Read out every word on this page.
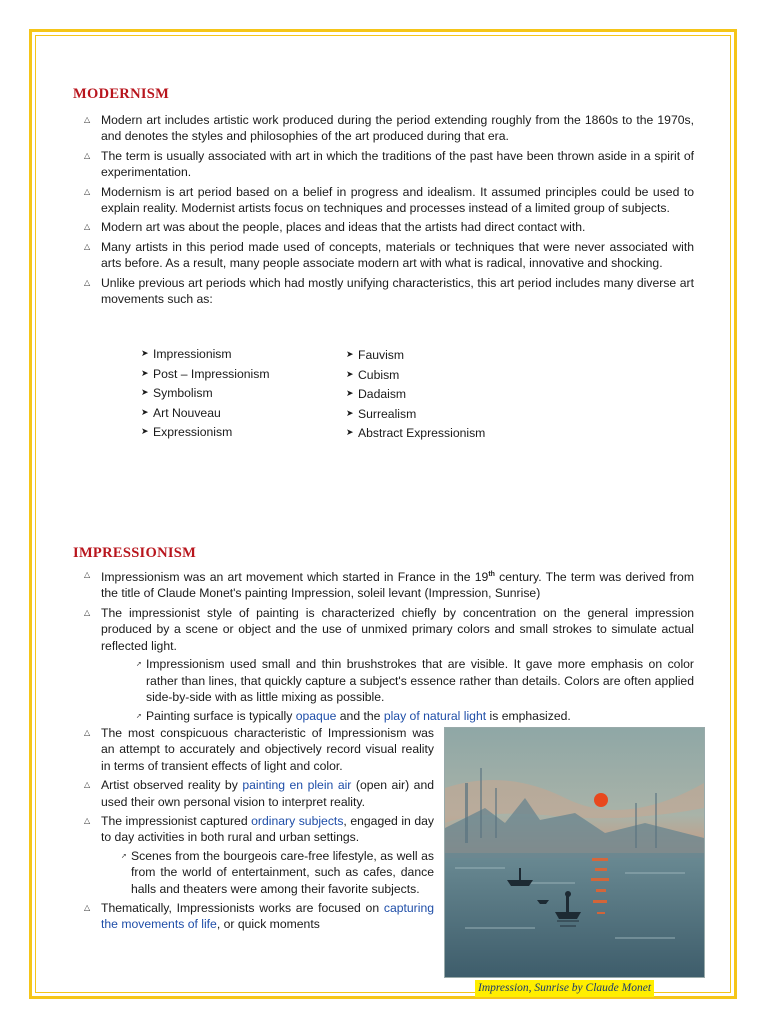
MODERNISM
△ Modern art includes artistic work produced during the period extending roughly from the 1860s to the 1970s, and denotes the styles and philosophies of the art produced during that era.
△ The term is usually associated with art in which the traditions of the past have been thrown aside in a spirit of experimentation.
△ Modernism is art period based on a belief in progress and idealism. It assumed principles could be used to explain reality. Modernist artists focus on techniques and processes instead of a limited group of subjects.
△ Modern art was about the people, places and ideas that the artists had direct contact with.
△ Many artists in this period made used of concepts, materials or techniques that were never associated with arts before. As a result, many people associate modern art with what is radical, innovative and shocking.
△ Unlike previous art periods which had mostly unifying characteristics, this art period includes many diverse art movements such as:
➤ Impressionism
➤ Post – Impressionism
➤ Symbolism
➤ Art Nouveau
➤ Expressionism
➤ Fauvism
➤ Cubism
➤ Dadaism
➤ Surrealism
➤ Abstract Expressionism
IMPRESSIONISM
△ Impressionism was an art movement which started in France in the 19th century. The term was derived from the title of Claude Monet's painting Impression, soleil levant (Impression, Sunrise)
△ The impressionist style of painting is characterized chiefly by concentration on the general impression produced by a scene or object and the use of unmixed primary colors and small strokes to simulate actual reflected light.
➚ Impressionism used small and thin brushstrokes that are visible. It gave more emphasis on color rather than lines, that quickly capture a subject's essence rather than details. Colors are often applied side-by-side with as little mixing as possible.
➚ Painting surface is typically opaque and the play of natural light is emphasized.
△ The most conspicuous characteristic of Impressionism was an attempt to accurately and objectively record visual reality in terms of transient effects of light and color.
△ Artist observed reality by painting en plein air (open air) and used their own personal vision to interpret reality.
△ The impressionist captured ordinary subjects, engaged in day to day activities in both rural and urban settings.
➚ Scenes from the bourgeois care-free lifestyle, as well as from the world of entertainment, such as cafes, dance halls and theaters were among their favorite subjects.
△ Thematically, Impressionists works are focused on capturing the movements of life, or quick moments
Impression, Sunrise by Claude Monet
